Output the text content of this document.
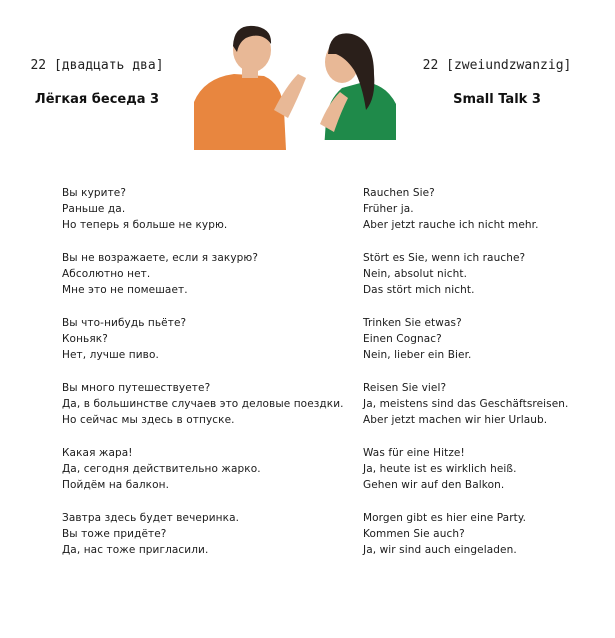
22 [двадцать два]
Лёгкая беседа 3
22 [zweiundzwanzig]
Small Talk 3
Вы курите?
Раньше да.
Но теперь я больше не курю.
Вы не возражаете, если я закурю?
Абсолютно нет.
Мне это не помешает.
Вы что-нибудь пьёте?
Коньяк?
Нет, лучше пиво.
Вы много путешествуете?
Да, в большинстве случаев это деловые поездки.
Но сейчас мы здесь в отпуске.
Какая жара!
Да, сегодня действительно жарко.
Пойдём на балкон.
Завтра здесь будет вечеринка.
Вы тоже придёте?
Да, нас тоже пригласили.
Rauchen Sie?
Früher ja.
Aber jetzt rauche ich nicht mehr.
Stört es Sie, wenn ich rauche?
Nein, absolut nicht.
Das stört mich nicht.
Trinken Sie etwas?
Einen Cognac?
Nein, lieber ein Bier.
Reisen Sie viel?
Ja, meistens sind das Geschäftsreisen.
Aber jetzt machen wir hier Urlaub.
Was für eine Hitze!
Ja, heute ist es wirklich heiß.
Gehen wir auf den Balkon.
Morgen gibt es hier eine Party.
Kommen Sie auch?
Ja, wir sind auch eingeladen.
